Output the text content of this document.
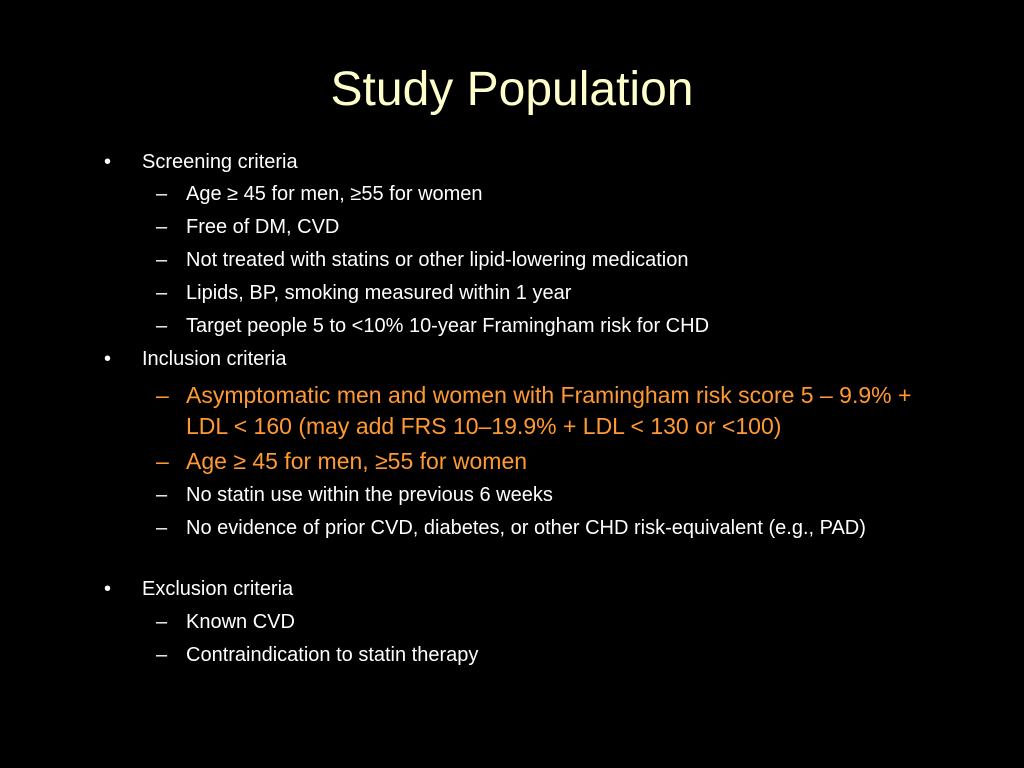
Study Population
• Screening criteria
– Age ≥ 45 for men, ≥55 for women
– Free of DM, CVD
– Not treated with statins or other lipid-lowering medication
– Lipids, BP, smoking measured within 1 year
– Target people 5 to <10% 10-year Framingham risk for CHD
• Inclusion criteria
– Asymptomatic men and women with Framingham risk score 5 – 9.9% + LDL < 160 (may add FRS 10–19.9% + LDL < 130 or <100)
– Age ≥ 45 for men, ≥55 for women
– No statin use within the previous 6 weeks
– No evidence of prior CVD, diabetes, or other CHD risk-equivalent (e.g., PAD)
• Exclusion criteria
– Known CVD
– Contraindication to statin therapy
